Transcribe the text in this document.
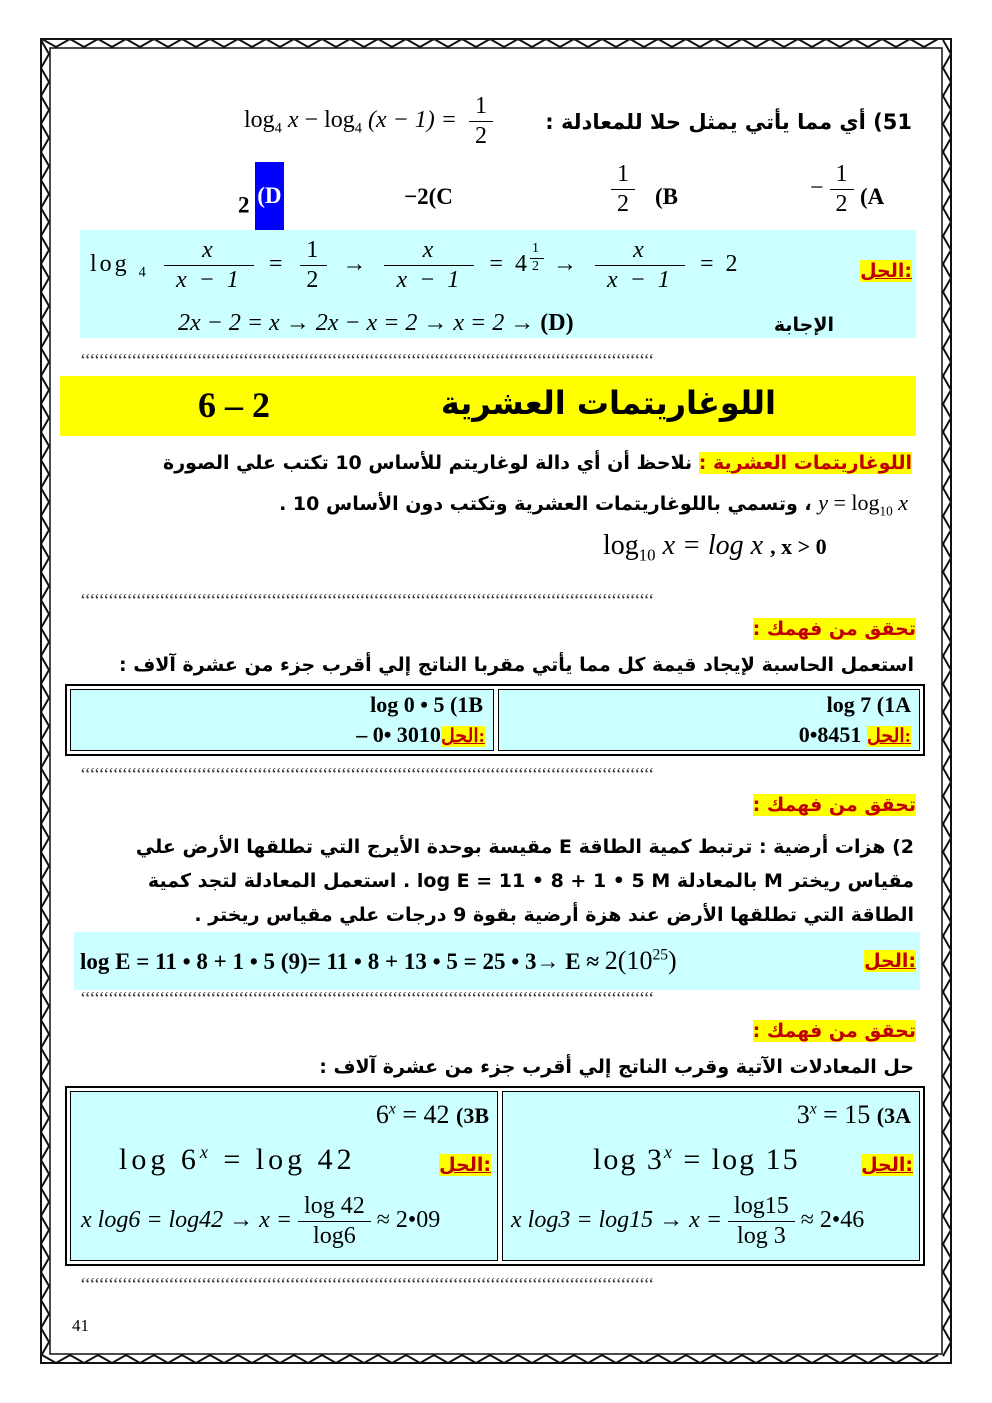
51) أي مما يأتي يمثل حلا للمعادلة :
$\log_4 x - \log_4 (x - 1) = \frac{1}{2}$
(A
− $\frac{1}{2}$
(B
$\frac{1}{2}$
−2(C
2 (D
الحل:
$\log _4 \frac{x}{x - 1} = \frac{1}{2} \to \frac{x}{x - 1} = 4$ $^{\frac{1}{2}} \to \frac{x}{x - 1} = 2$
2x − 2 = x → 2x − x = 2 → x = 2 → (D)	الإجابة
‘‘‘‘‘‘‘‘‘‘‘‘‘‘‘‘‘‘‘‘‘‘‘‘‘‘‘‘‘‘‘‘‘‘‘‘‘‘‘‘‘‘‘‘‘‘‘‘‘‘‘‘‘‘‘‘‘‘‘‘‘‘‘‘‘‘‘‘‘‘‘‘‘‘‘‘‘‘‘‘‘‘‘‘‘‘‘‘‘‘‘‘‘‘‘‘‘‘‘‘‘‘‘‘‘‘‘‘‘‘‘‘‘‘‘‘‘‘‘‘‘‘‘
اللوغاريتمات العشرية
6 – 2
اللوغاريتمات العشرية : نلاحظ أن أي دالة لوغاريتم للأساس 10 تكتب علي الصورة
$y = \log_{10} x$ ، وتسمي باللوغاريتمات العشرية وتكتب دون الأساس 10 .
$\log_{10} x = \log x$ , x > 0
‘‘‘‘‘‘‘‘‘‘‘‘‘‘‘‘‘‘‘‘‘‘‘‘‘‘‘‘‘‘‘‘‘‘‘‘‘‘‘‘‘‘‘‘‘‘‘‘‘‘‘‘‘‘‘‘‘‘‘‘‘‘‘‘‘‘‘‘‘‘‘‘‘‘‘‘‘‘‘‘‘‘‘‘‘‘‘‘‘‘‘‘‘‘‘‘‘‘‘‘‘‘‘‘‘‘‘‘‘‘‘‘‘‘‘‘‘‘‘‘‘‘‘
تحقق من فهمك :
استعمل الحاسبة لإيجاد قيمة كل مما يأتي مقربا الناتج إلي أقرب جزء من عشرة آلاف :
log 0 • 5 (1B
– 0• 3010الحل:
log 7 (1A
0•8451 الحل:
‘‘‘‘‘‘‘‘‘‘‘‘‘‘‘‘‘‘‘‘‘‘‘‘‘‘‘‘‘‘‘‘‘‘‘‘‘‘‘‘‘‘‘‘‘‘‘‘‘‘‘‘‘‘‘‘‘‘‘‘‘‘‘‘‘‘‘‘‘‘‘‘‘‘‘‘‘‘‘‘‘‘‘‘‘‘‘‘‘‘‘‘‘‘‘‘‘‘‘‘‘‘‘‘‘‘‘‘‘‘‘‘‘‘‘‘‘‘‘‘‘‘‘
تحقق من فهمك :
2) هزات أرضية : ترتبط كمية الطاقة E مقيسة بوحدة الأيرج التي تطلقها الأرض علي
مقياس ريختر M بالمعادلة log E = 11 • 8 + 1 • 5 M . استعمل المعادلة لتجد كمية
الطاقة التي تطلقها الأرض عند هزة أرضية بقوة 9 درجات علي مقياس ريختر .
log E = 11 • 8 + 1 • 5 (9)= 11 • 8 + 13 • 5 = 25 • $3\to E \approx 2(10^{25})$	الحل:
‘‘‘‘‘‘‘‘‘‘‘‘‘‘‘‘‘‘‘‘‘‘‘‘‘‘‘‘‘‘‘‘‘‘‘‘‘‘‘‘‘‘‘‘‘‘‘‘‘‘‘‘‘‘‘‘‘‘‘‘‘‘‘‘‘‘‘‘‘‘‘‘‘‘‘‘‘‘‘‘‘‘‘‘‘‘‘‘‘‘‘‘‘‘‘‘‘‘‘‘‘‘‘‘‘‘‘‘‘‘‘‘‘‘‘‘‘‘‘‘‘‘‘
تحقق من فهمك :
حل المعادلات الآتية وقرب الناتج إلي أقرب جزء من عشرة آلاف :
$6^x = 42$ (3B
$\log 6^x = \log 42$	الحل:
x $\log 6 = \log 42 \to x = \frac{\log 42}{\log 6}$ ≈ 2•09
$3^x = 15$ (3A
$\log 3^x = \log 15$	الحل:
x $\log 3 = \log 15 \to x = \frac{\log 15}{\log 3}$ ≈ 2•46
‘‘‘‘‘‘‘‘‘‘‘‘‘‘‘‘‘‘‘‘‘‘‘‘‘‘‘‘‘‘‘‘‘‘‘‘‘‘‘‘‘‘‘‘‘‘‘‘‘‘‘‘‘‘‘‘‘‘‘‘‘‘‘‘‘‘‘‘‘‘‘‘‘‘‘‘‘‘‘‘‘‘‘‘‘‘‘‘‘‘‘‘‘‘‘‘‘‘‘‘‘‘‘‘‘‘‘‘‘‘‘‘‘‘‘‘‘‘‘‘‘‘‘
41
